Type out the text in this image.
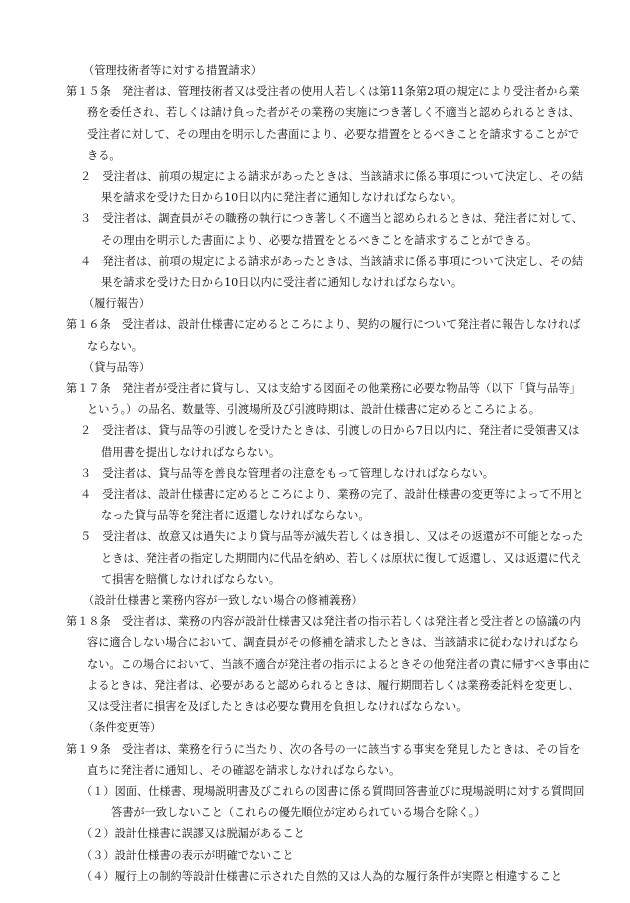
（管理技術者等に対する措置請求）

第１５条　発注者は、管理技術者又は受注者の使用人若しくは第11条第2項の規定により受注者から業務を委任され、若しくは請け負った者がその業務の実施につき著しく不適当と認められるときは、受注者に対して、その理由を明示した書面により、必要な措置をとるべきことを請求することができる。

２　受注者は、前項の規定による請求があったときは、当該請求に係る事項について決定し、その結果を請求を受けた日から10日以内に発注者に通知しなければならない。

３　受注者は、調査員がその職務の執行につき著しく不適当と認められるときは、発注者に対して、その理由を明示した書面により、必要な措置をとるべきことを請求することができる。

４　発注者は、前項の規定による請求があったときは、当該請求に係る事項について決定し、その結果を請求を受けた日から10日以内に受注者に通知しなければならない。

（履行報告）

第１６条　受注者は、設計仕様書に定めるところにより、契約の履行について発注者に報告しなければならない。

（貸与品等）

第１７条　発注者が受注者に貸与し、又は支給する図面その他業務に必要な物品等（以下「貸与品等」という。）の品名、数量等、引渡場所及び引渡時期は、設計仕様書に定めるところによる。

２　受注者は、貸与品等の引渡しを受けたときは、引渡しの日から7日以内に、発注者に受領書又は借用書を提出しなければならない。

３　受注者は、貸与品等を善良な管理者の注意をもって管理しなければならない。

４　受注者は、設計仕様書に定めるところにより、業務の完了、設計仕様書の変更等によって不用となった貸与品等を発注者に返還しなければならない。

５　受注者は、故意又は過失により貸与品等が滅失若しくはき損し、又はその返還が不可能となったときは、発注者の指定した期間内に代品を納め、若しくは原状に復して返還し、又は返還に代えて損害を賠償しなければならない。

（設計仕様書と業務内容が一致しない場合の修補義務）

第１８条　受注者は、業務の内容が設計仕様書又は発注者の指示若しくは発注者と受注者との協議の内容に適合しない場合において、調査員がその修補を請求したときは、当該請求に従わなければならない。この場合において、当該不適合が発注者の指示によるときその他発注者の責に帰すべき事由によるときは、発注者は、必要があると認められるときは、履行期間若しくは業務委託料を変更し、又は受注者に損害を及ぼしたときは必要な費用を負担しなければならない。

（条件変更等）

第１９条　受注者は、業務を行うに当たり、次の各号の一に該当する事実を発見したときは、その旨を直ちに発注者に通知し、その確認を請求しなければならない。

（１）図面、仕様書、現場説明書及びこれらの図書に係る質問回答書並びに現場説明に対する質問回答書が一致しないこと（これらの優先順位が定められている場合を除く。）

（２）設計仕様書に誤謬又は脱漏があること

（３）設計仕様書の表示が明確でないこと

（４）履行上の制約等設計仕様書に示された自然的又は人為的な履行条件が実際と相違すること
